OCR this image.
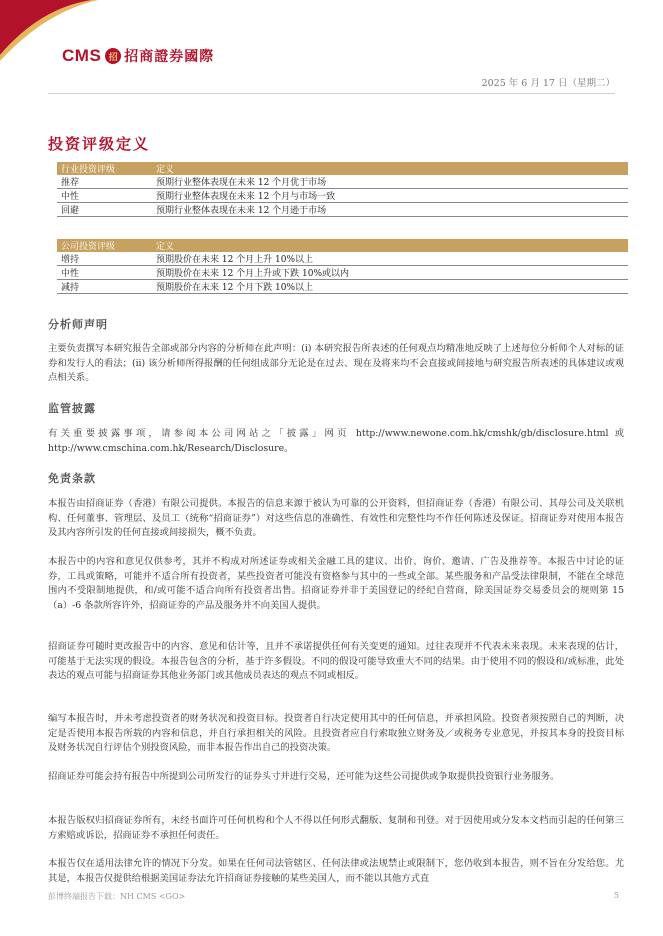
CMS 招 招商證券國際
2025 年 6 月 17 日（星期二）
投资评级定义
行业投资评级	定义
推荐	预期行业整体表现在未来 12 个月优于市场
中性	预期行业整体表现在未来 12 个月与市场一致
回避	预期行业整体表现在未来 12 个月逊于市场
公司投资评级	定义
增持	预期股价在未来 12 个月上升 10%以上
中性	预期股价在未来 12 个月上升或下跌 10%或以内
减持	预期股价在未来 12 个月下跌 10%以上
分析师声明
主要负责撰写本研究报告全部或部分内容的分析师在此声明：(i) 本研究报告所表述的任何观点均精准地反映了上述每位分析师个人对标的证券和发行人的看法；(ii) 该分析师所得报酬的任何组成部分无论是在过去、现在及将来均不会直接或间接地与研究报告所表述的具体建议或观点相关系。
监管披露
有关重要披露事项，请参阅本公司网站之「披露」网页 http://www.newone.com.hk/cmshk/gb/disclosure.html 或 http://www.cmschina.com.hk/Research/Disclosure。
免责条款
本报告由招商证券（香港）有限公司提供。本报告的信息来源于被认为可靠的公开资料，但招商证券（香港）有限公司、其母公司及关联机构、任何董事、管理层、及员工（统称“招商证券”）对这些信息的准确性、有效性和完整性均不作任何陈述及保证。招商证券对使用本报告及其内容所引发的任何直接或间接损失，概不负责。
本报告中的内容和意见仅供参考，其并不构成对所述证券或相关金融工具的建议、出价、询价、邀请、广告及推荐等。本报告中讨论的证券，工具或策略，可能并不适合所有投资者，某些投资者可能没有资格参与其中的一些或全部。某些服务和产品受法律限制，不能在全球范围内不受限制地提供，和/或可能不适合向所有投资者出售。招商证券并非于美国登记的经纪自营商，除美国证券交易委员会的规则第 15（a）-6 条款所容许外，招商证券的产品及服务并不向美国人提供。
招商证券可随时更改报告中的内容、意见和估计等，且并不承诺提供任何有关变更的通知。过往表现并不代表未来表现。未来表现的估计，可能基于无法实现的假设。本报告包含的分析，基于许多假设。不同的假设可能导致重大不同的结果。由于使用不同的假设和/或标准，此处表达的观点可能与招商证券其他业务部门或其他成员表达的观点不同或相反。
编写本报告时，并未考虑投资者的财务状况和投资目标。投资者自行决定使用其中的任何信息，并承担风险。投资者须按照自己的判断，决定是否使用本报告所载的内容和信息，并自行承担相关的风险。且投资者应自行索取独立财务及／或税务专业意见，并按其本身的投资目标及财务状况自行评估个别投资风险，而非本报告作出自己的投资决策。
招商证券可能会持有报告中所提到公司所发行的证券头寸并进行交易，还可能为这些公司提供或争取提供投资银行业务服务。
本报告版权归招商证券所有，未经书面许可任何机构和个人不得以任何形式翻版、复制和刊登。对于因使用或分发本文档而引起的任何第三方索赔或诉讼，招商证券不承担任何责任。
本报告仅在适用法律允许的情况下分发。如果在任何司法管辖区、任何法律或法规禁止或限制下，您仍收到本报告，则不旨在分发给您。尤其是，本报告仅提供给根据美国证券法允许招商证券接触的某些美国人，而不能以其他方式直
彭博终端报告下载：NH CMS <GO>	5
